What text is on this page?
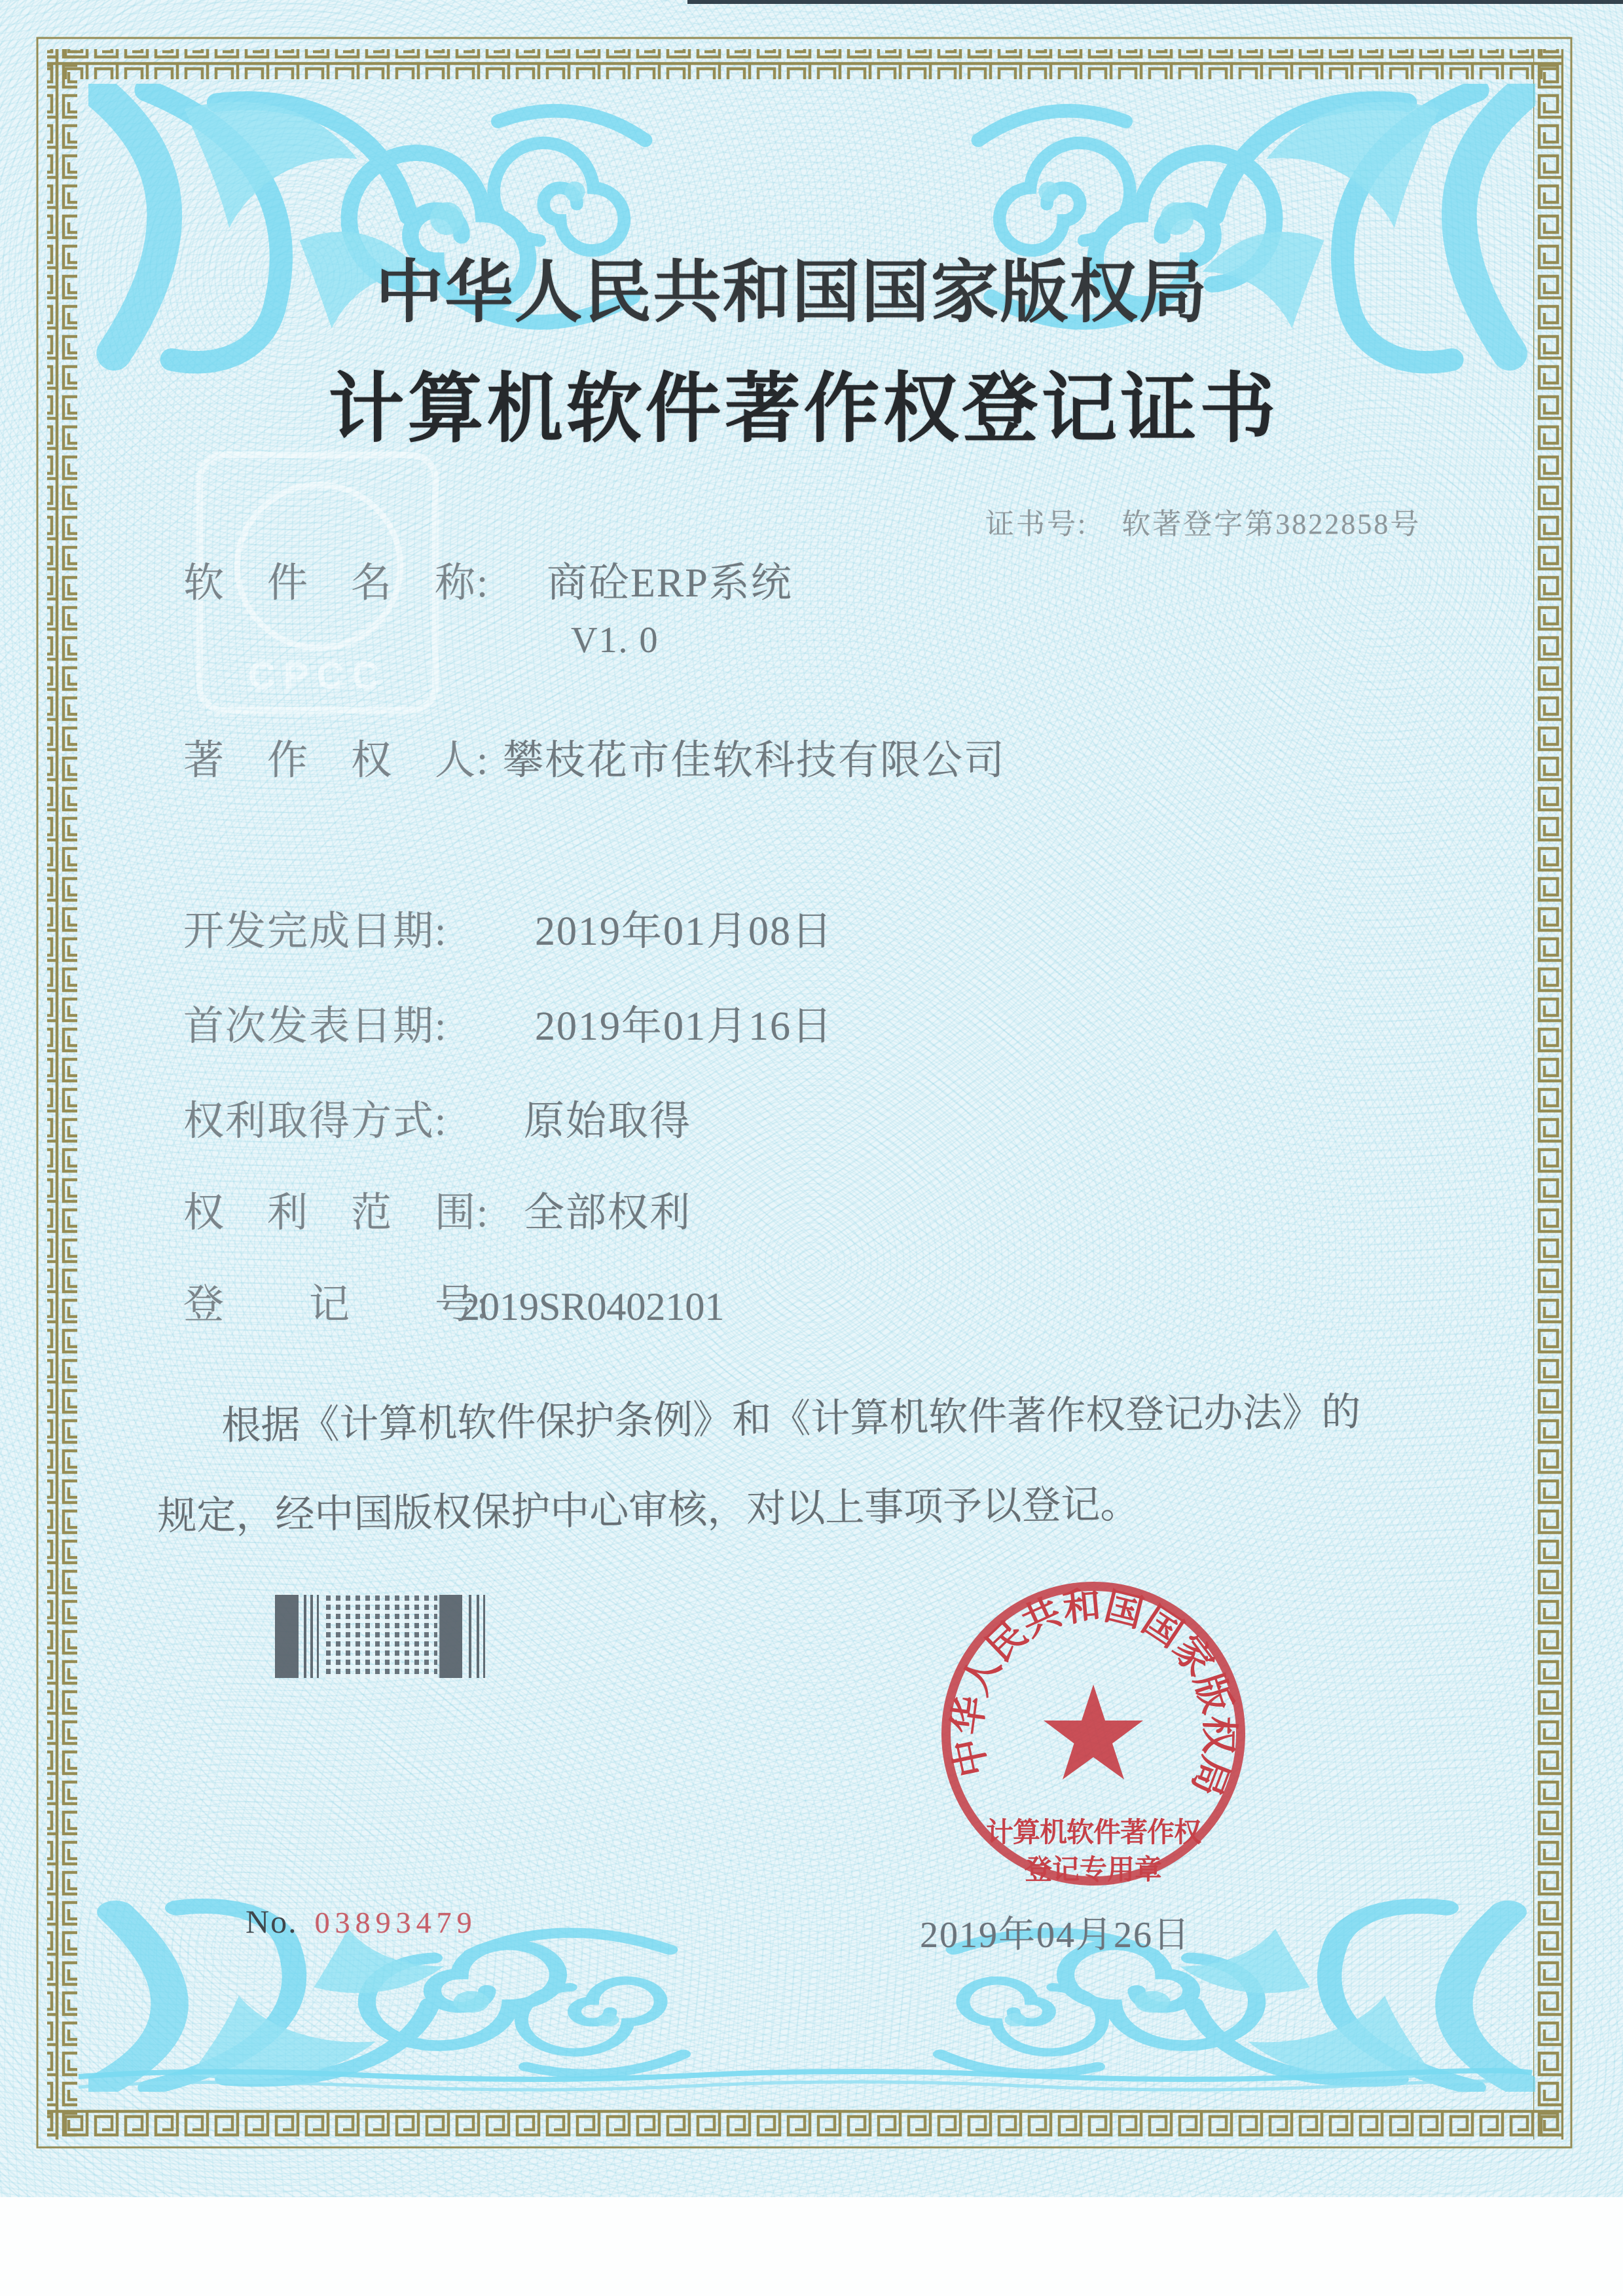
CPCC
中华人民共和国国家版权局
计算机软件著作权登记证书
证书号: 软著登字第3822858号
软　件　名　称: 商砼ERP系统
V1. 0
著　作　权　人: 攀枝花市佳软科技有限公司
开发完成日期: 2019年01月08日
首次发表日期: 2019年01月16日
权利取得方式: 原始取得
权　利　范　围: 全部权利
登　　记　　号:
2019SR0402101
根据《计算机软件保护条例》和《计算机软件著作权登记办法》的
规定，经中国版权保护中心审核，对以上事项予以登记。
中华人民共和国国家版权局
计算机软件著作权
登记专用章
2019年04月26日
No. 03893479
